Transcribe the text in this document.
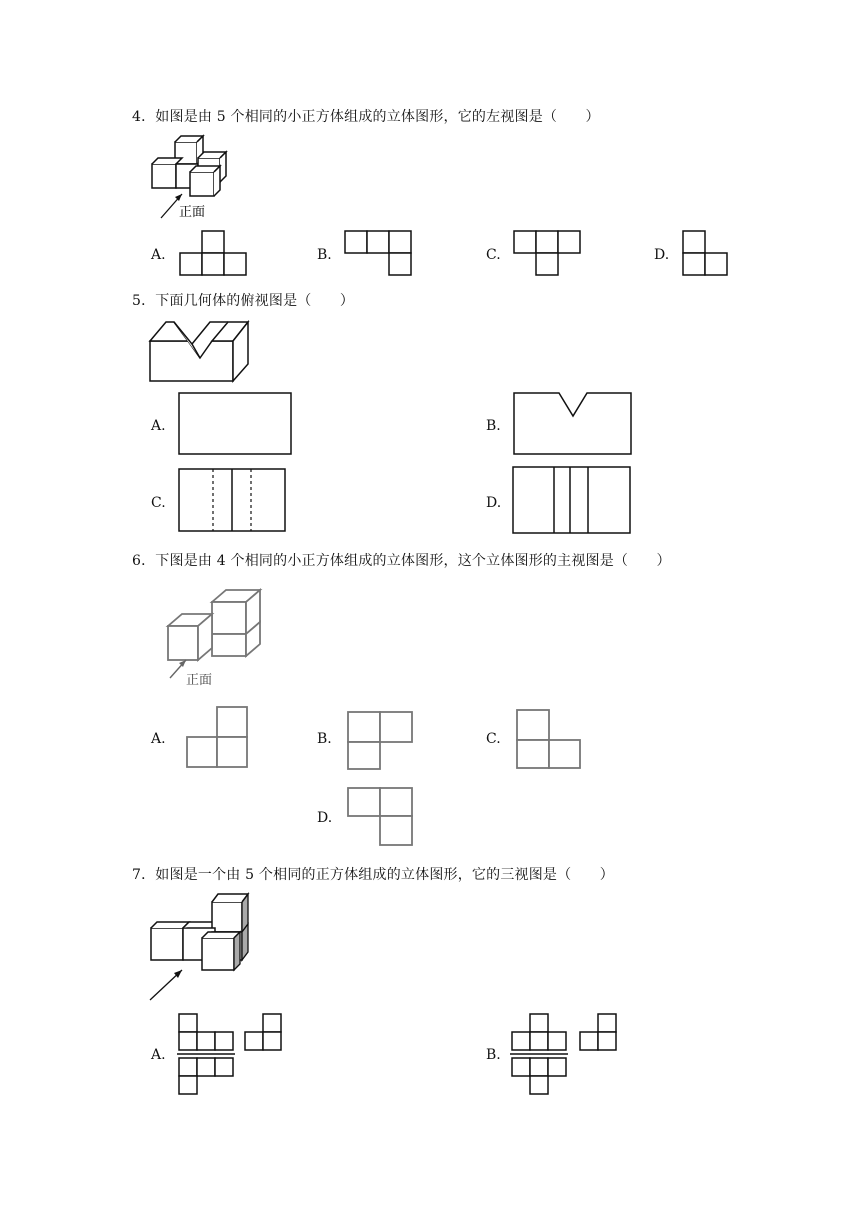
4．如图是由 5 个相同的小正方体组成的立体图形，它的左视图是（　　）
正面
A.	B.	C.	D.
5．下面几何体的俯视图是（　　）
A.	B.
C.	D.
6．下图是由 4 个相同的小正方体组成的立体图形，这个立体图形的主视图是（　　）
正面
A.	B.	C.
D.
7．如图是一个由 5 个相同的正方体组成的立体图形，它的三视图是（　　）
A.	B.
